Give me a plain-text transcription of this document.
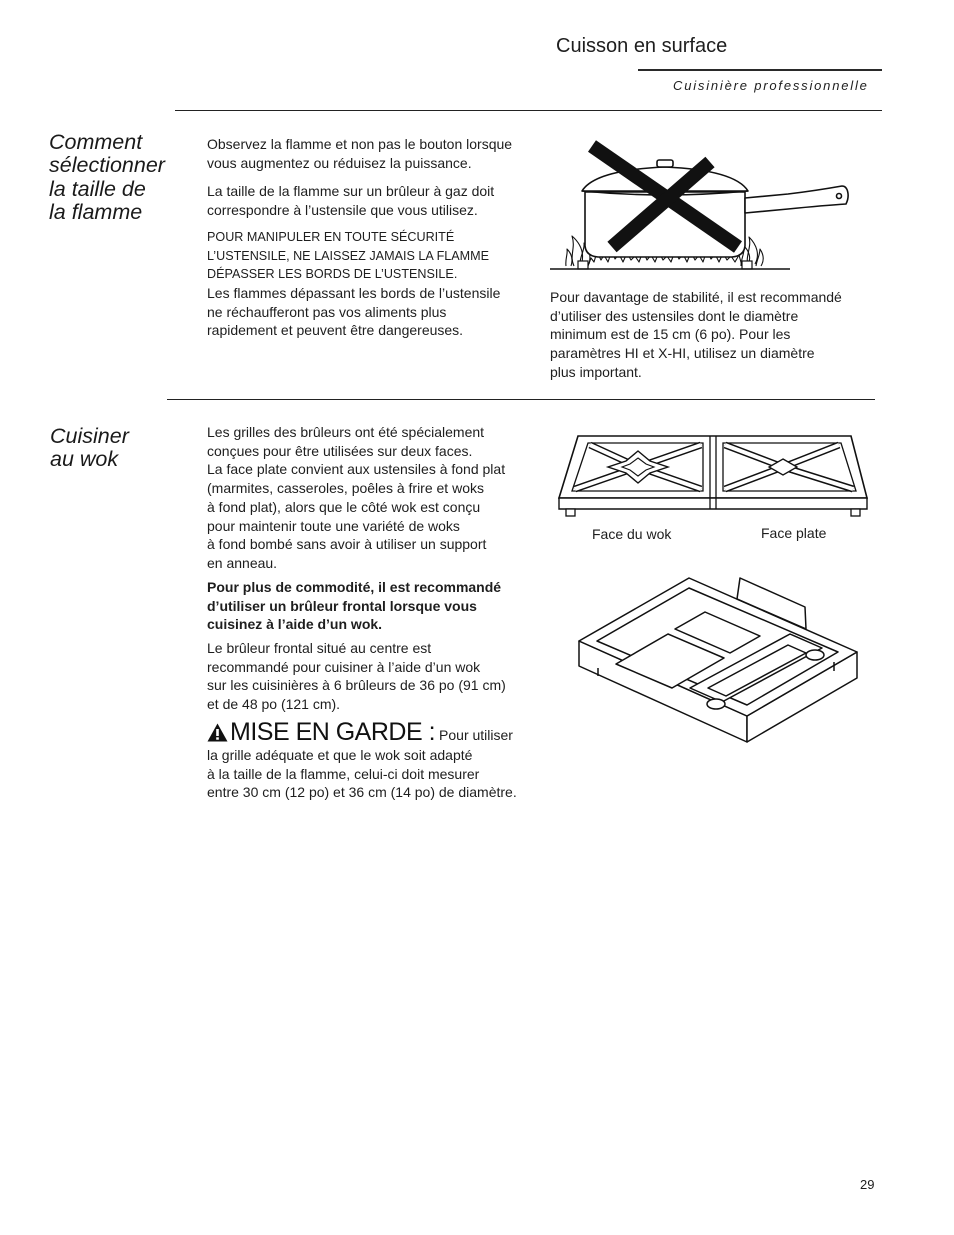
Cuisson en surface
Cuisinière professionnelle
Comment
sélectionner
la taille de
la flamme

Observez la flamme et non pas le bouton lorsque
vous augmentez ou réduisez la puissance.

La taille de la flamme sur un brûleur à gaz doit
correspondre à l’ustensile que vous utilisez.

POUR MANIPULER EN TOUTE SÉCURITÉ
L’USTENSILE, NE LAISSEZ JAMAIS LA FLAMME
DÉPASSER LES BORDS DE L’USTENSILE.

Les flammes dépassant les bords de l’ustensile
ne réchaufferont pas vos aliments plus
rapidement et peuvent être dangereuses.

Pour davantage de stabilité, il est recommandé
d’utiliser des ustensiles dont le diamètre
minimum est de 15 cm (6 po). Pour les
paramètres HI et X-HI, utilisez un diamètre
plus important.

Cuisiner
au wok

Les grilles des brûleurs ont été spécialement
conçues pour être utilisées sur deux faces.
La face plate convient aux ustensiles à fond plat
(marmites, casseroles, poêles à frire et woks
à fond plat), alors que le côté wok est conçu
pour maintenir toute une variété de woks
à fond bombé sans avoir à utiliser un support
en anneau.

Pour plus de commodité, il est recommandé
d’utiliser un brûleur frontal lorsque vous
cuisinez à l’aide d’un wok.

Le brûleur frontal situé au centre est
recommandé pour cuisiner à l’aide d’un wok
sur les cuisinières à 6 brûleurs de 36 po (91 cm)
et de 48 po (121 cm).

Face du wok	Face plate
MISE EN GARDE : Pour utiliser

la grille adéquate et que le wok soit adapté
à la taille de la flamme, celui-ci doit mesurer
entre 30 cm (12 po) et 36 cm (14 po) de diamètre.

29
